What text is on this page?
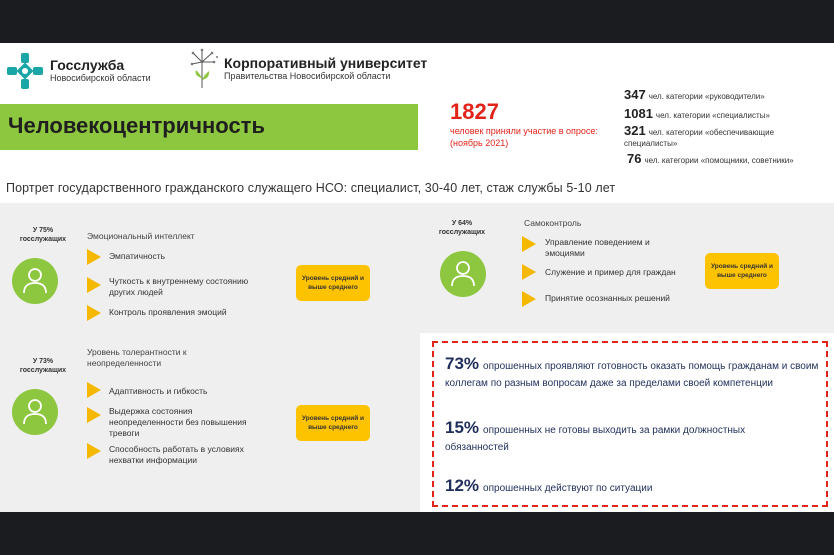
Госслужба
Новосибирской области
Корпоративный университет
Правительства Новосибирской области
Человекоцентричность
1827
человек приняли участие в опросе: (ноябрь 2021)
347 чел. категории «руководители»
1081 чел. категории «специалисты»
321 чел. категории «обеспечивающие специалисты»
76 чел. категории «помощники, советники»
Портрет государственного гражданского служащего НСО: специалист, 30-40 лет, стаж службы 5-10 лет
У 75% госслужащих	Эмоциональный интеллект
Эмпатичность
Чуткость к внутреннему состоянию других людей
Контроль проявления эмоций
Уровень средний и выше среднего
У 64% госслужащих
Самоконтроль
Управление поведением и эмоциями
Служение и пример для граждан
Принятие осознанных решений
Уровень средний и выше среднего
У 73% госслужащих
Уровень толерантности к неопределенности
Адаптивность и гибкость
Выдержка состояния неопределенности без повышения тревоги
Способность работать в условиях нехватки информации
Уровень средний и выше среднего
73% опрошенных проявляют готовность оказать помощь гражданам и своим коллегам по разным вопросам даже за пределами своей компетенции
15% опрошенных не готовы выходить за рамки должностных обязанностей
12% опрошенных действуют по ситуации
